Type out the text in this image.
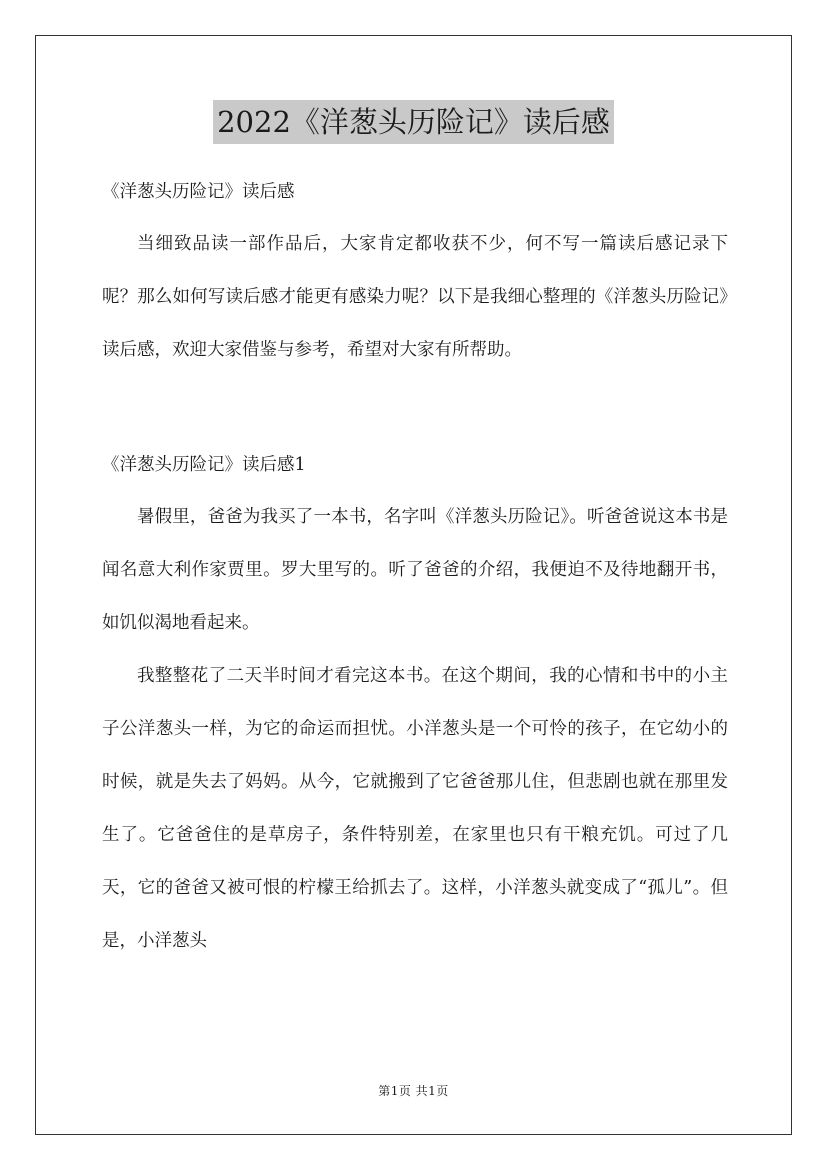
2022《洋葱头历险记》读后感

《洋葱头历险记》读后感

当细致品读一部作品后，大家肯定都收获不少，何不写一篇读后感记录下呢？那么如何写读后感才能更有感染力呢？以下是我细心整理的《洋葱头历险记》读后感，欢迎大家借鉴与参考，希望对大家有所帮助。

《洋葱头历险记》读后感1

暑假里，爸爸为我买了一本书，名字叫《洋葱头历险记》。听爸爸说这本书是闻名意大利作家贾里。罗大里写的。听了爸爸的介绍，我便迫不及待地翻开书，如饥似渴地看起来。

我整整花了二天半时间才看完这本书。在这个期间，我的心情和书中的小主子公洋葱头一样，为它的命运而担忧。小洋葱头是一个可怜的孩子，在它幼小的时候，就是失去了妈妈。从今，它就搬到了它爸爸那儿住，但悲剧也就在那里发生了。它爸爸住的是草房子，条件特别差，在家里也只有干粮充饥。可过了几天，它的爸爸又被可恨的柠檬王给抓去了。这样，小洋葱头就变成了“孤儿”。但是，小洋葱头

第1页 共1页
